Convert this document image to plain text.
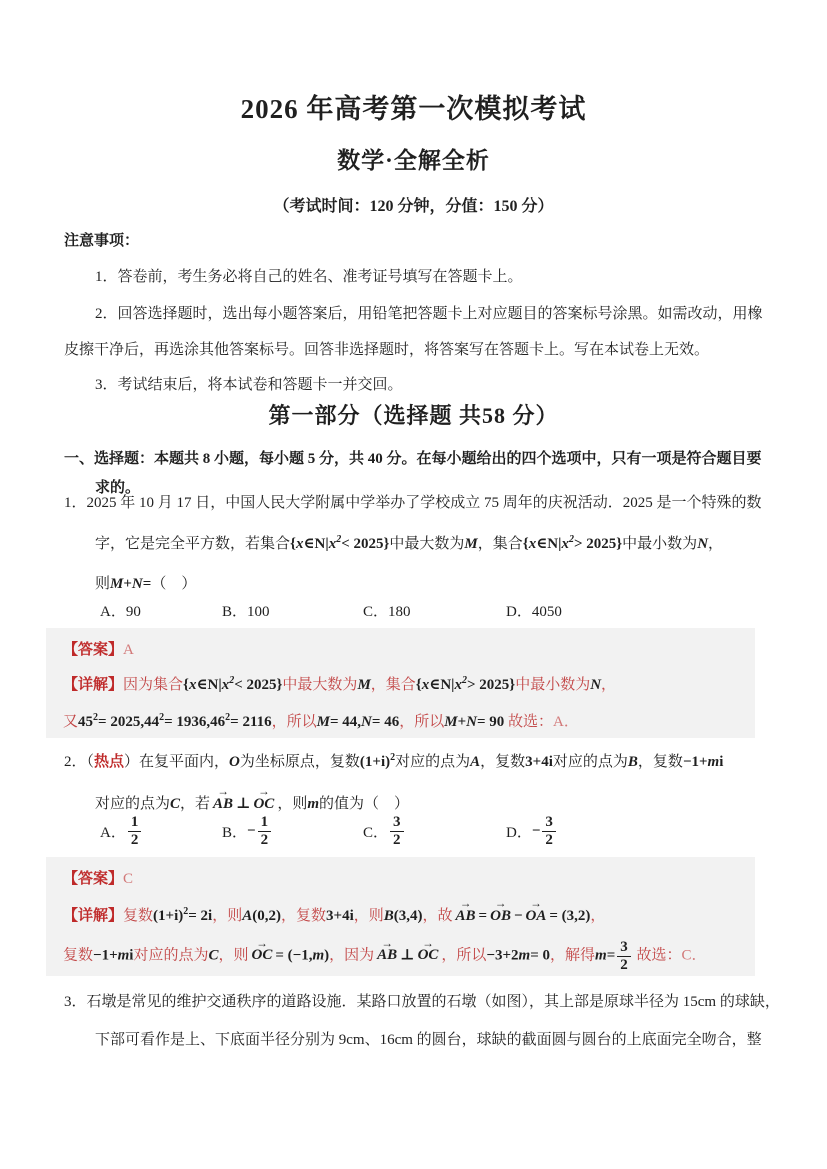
2026 年高考第一次模拟考试
数学·全解全析
（考试时间：120 分钟，分值：150 分）
注意事项：
1．答卷前，考生务必将自己的姓名、准考证号填写在答题卡上。
2．回答选择题时，选出每小题答案后，用铅笔把答题卡上对应题目的答案标号涂黑。如需改动，用橡
皮擦干净后，再选涂其他答案标号。回答非选择题时，将答案写在答题卡上。写在本试卷上无效。
3．考试结束后，将本试卷和答题卡一并交回。
第一部分（选择题 共58 分）
一、选择题：本题共 8 小题，每小题 5 分，共 40 分。在每小题给出的四个选项中，只有一项是符合题目要
求的。
1．2025 年 10 月 17 日，中国人民大学附属中学举办了学校成立 75 周年的庆祝活动．2025 是一个特殊的数
字，它是完全平方数，若集合$\{x\in N|x^2< 2025\}$中最大数为M，集合$\{x\in N|x^2> 2025\}$中最小数为N，
则M+N=（　）
A．90	B．100	C．180	D．4050
【答案】A
【详解】因为集合$\{x\in N|x^2< 2025\}$中最大数为M，集合$\{x\in N|x^2> 2025\}$中最小数为N，
又$45^2= 2025,44^2= 1936,46^2= 2116$，所以M= 44,N= 46，所以M+N= 90 故选：A．
2．（热点）在复平面内，O为坐标原点，复数$(1+i)^2$对应的点为A，复数3+4i对应的点为B，复数−1+mi
对应的点为C，若
→
AB ⊥
→
OC ，则m的值为（　）
A． $\frac{1}{2}$	B． − $\frac{1}{2}$	C． $\frac{3}{2}$	D． − $\frac{3}{2}$
【答案】C
【详解】复数$(1+i)^2= 2i$，则A(0,2)，复数3+4i，则B(3,4)，故
→
AB =
→
OB −
→
OA = (3,2)，
复数−1+mi对应的点为C，则
→
OC = (−1,m)，因为
→
AB ⊥
→
OC ，所以−3+2m= 0，解得$m= \frac{3}{2}$ 故选：C．
3．石墩是常见的维护交通秩序的道路设施．某路口放置的石墩（如图），其上部是原球半径为 15cm 的球缺，
下部可看作是上、下底面半径分别为 9cm、16cm 的圆台，球缺的截面圆与圆台的上底面完全吻合，整
